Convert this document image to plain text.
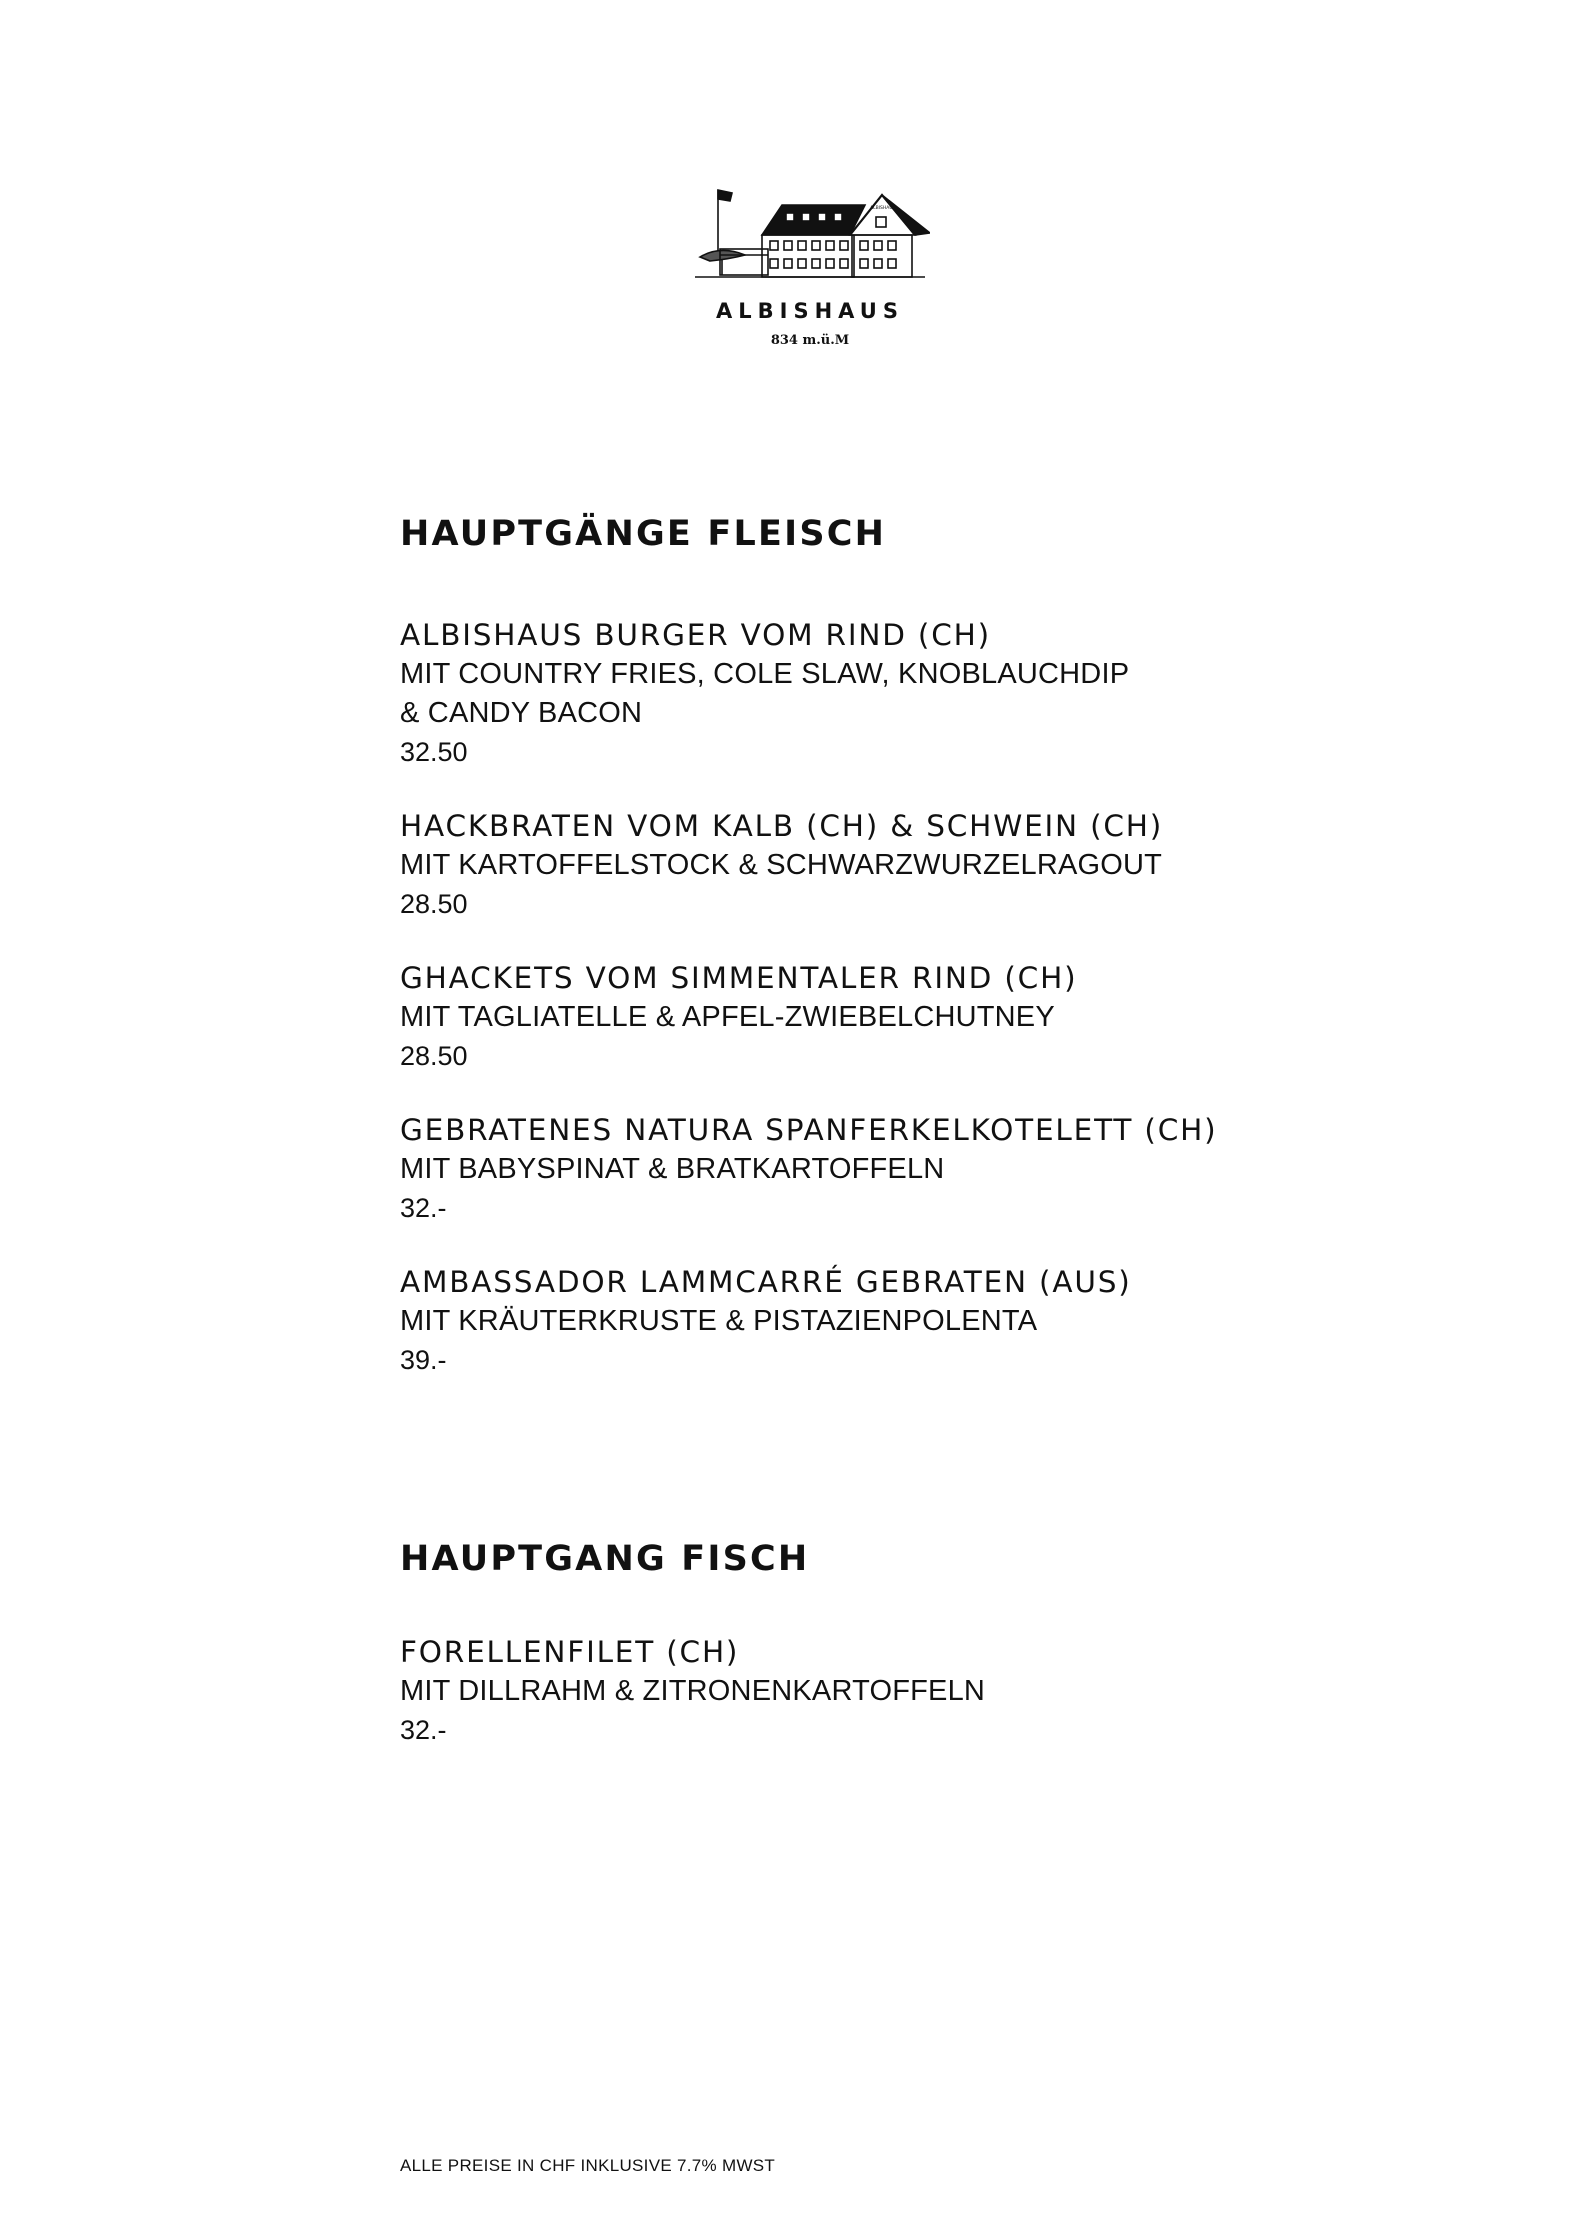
ALBISHAUS
ALBISHAUS
834 m.ü.M
HAUPTGÄNGE FLEISCH
ALBISHAUS BURGER VOM RIND (CH)
MIT COUNTRY FRIES, COLE SLAW, KNOBLAUCHDIP
& CANDY BACON
32.50
HACKBRATEN VOM KALB (CH) & SCHWEIN (CH)
MIT KARTOFFELSTOCK & SCHWARZWURZELRAGOUT
28.50
GHACKETS VOM SIMMENTALER RIND (CH)
MIT TAGLIATELLE & APFEL-ZWIEBELCHUTNEY
28.50
GEBRATENES NATURA SPANFERKELKOTELETT (CH)
MIT BABYSPINAT & BRATKARTOFFELN
32.-
AMBASSADOR LAMMCARRÉ GEBRATEN (AUS)
MIT KRÄUTERKRUSTE & PISTAZIENPOLENTA
39.-
HAUPTGANG FISCH
FORELLENFILET (CH)
MIT DILLRAHM & ZITRONENKARTOFFELN
32.-
ALLE PREISE IN CHF INKLUSIVE 7.7% MWST
